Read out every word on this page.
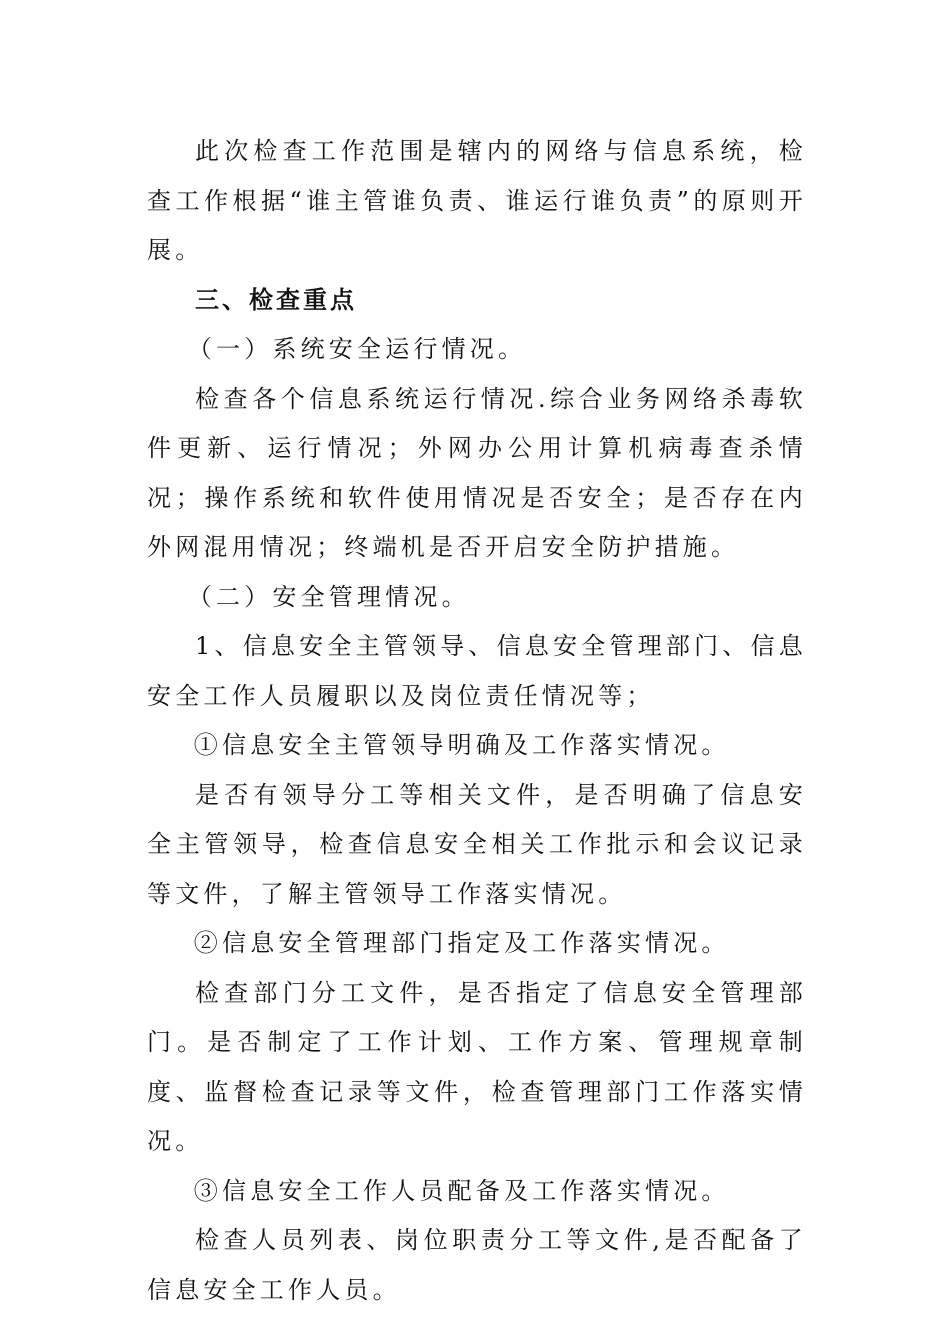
此次检查工作范围是辖内的网络与信息系统，检查工作根据“谁主管谁负责、谁运行谁负责”的原则开展。

三、检查重点

（一）系统安全运行情况。

检查各个信息系统运行情况.综合业务网络杀毒软件更新、运行情况；外网办公用计算机病毒查杀情况；操作系统和软件使用情况是否安全；是否存在内外网混用情况；终端机是否开启安全防护措施。

（二）安全管理情况。

1、信息安全主管领导、信息安全管理部门、信息安全工作人员履职以及岗位责任情况等；

①信息安全主管领导明确及工作落实情况。

是否有领导分工等相关文件，是否明确了信息安全主管领导，检查信息安全相关工作批示和会议记录等文件，了解主管领导工作落实情况。

②信息安全管理部门指定及工作落实情况。

检查部门分工文件，是否指定了信息安全管理部门。是否制定了工作计划、工作方案、管理规章制度、监督检查记录等文件，检查管理部门工作落实情况。

③信息安全工作人员配备及工作落实情况。

检查人员列表、岗位职责分工等文件,是否配备了信息安全工作人员。
